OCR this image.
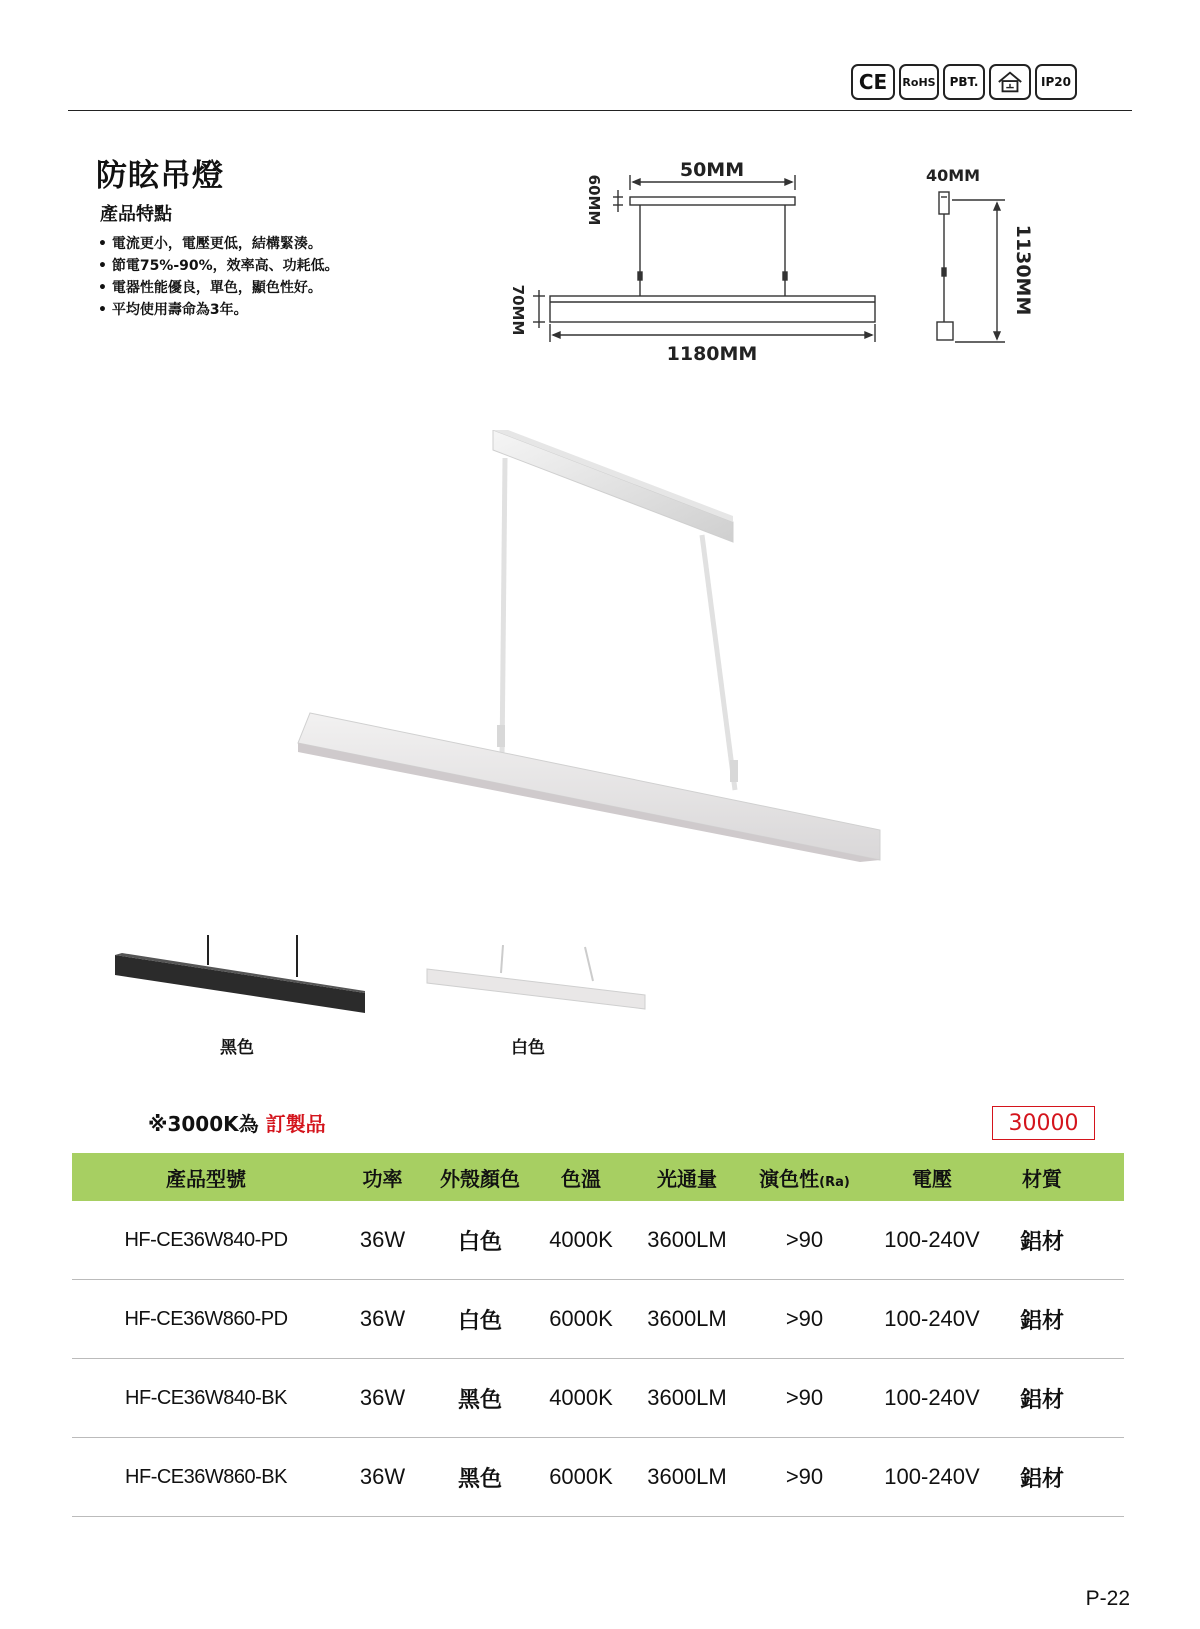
CE	RoHS	PBT.	IP20
防眩吊燈
產品特點
• 電流更小，電壓更低，結構緊湊。
• 節電75%-90%，效率高、功耗低。
• 電器性能優良，單色，顯色性好。
• 平均使用壽命為3年。
50MM
60MM
70MM
1180MM
40MM
1130MM
黑色	白色
※3000K為 訂製品	30000
產品型號	功率	外殼顏色	色溫	光通量	演色性(Ra)	電壓	材質
HF-CE36W840-PD	36W	白色	4000K	3600LM	>90	100-240V	鋁材
HF-CE36W860-PD	36W	白色	6000K	3600LM	>90	100-240V	鋁材
HF-CE36W840-BK	36W	黑色	4000K	3600LM	>90	100-240V	鋁材
HF-CE36W860-BK	36W	黑色	6000K	3600LM	>90	100-240V	鋁材
P-22
